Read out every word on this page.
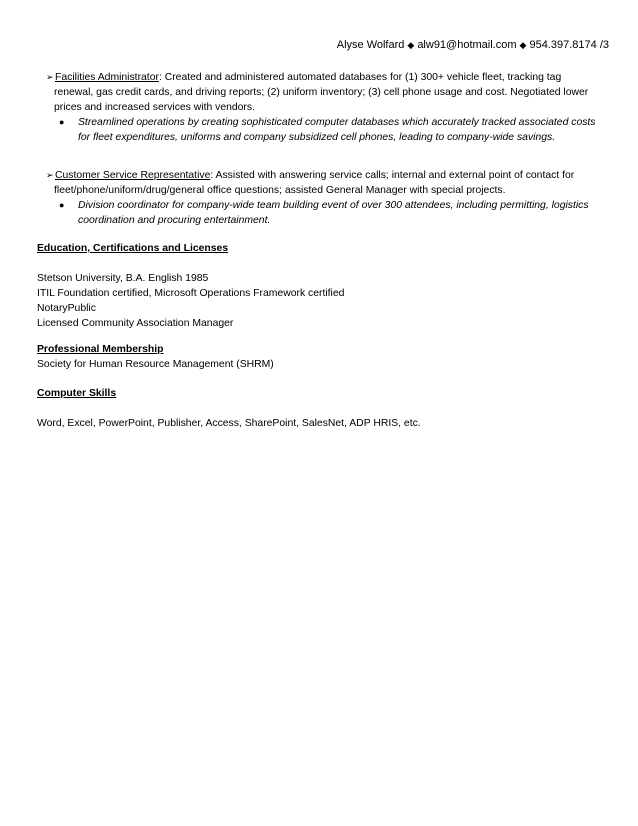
Alyse Wolfard ◆ alw91@hotmail.com ◆ 954.397.8174 /3
➢Facilities Administrator: Created and administered automated databases for (1) 300+ vehicle fleet, tracking tag
renewal, gas credit cards, and driving reports; (2) uniform inventory; (3) cell phone usage and cost. Negotiated lower
prices and increased services with vendors.
● Streamlined operations by creating sophisticated computer databases which accurately tracked associated costs
for fleet expenditures, uniforms and company subsidized cell phones, leading to company-wide savings.
➢Customer Service Representative: Assisted with answering service calls; internal and external point of contact for
fleet/phone/uniform/drug/general office questions; assisted General Manager with special projects.
● Division coordinator for company-wide team building event of over 300 attendees, including permitting, logistics
coordination and procuring entertainment.
Education, Certifications and Licenses
Stetson University, B.A. English 1985
ITIL Foundation certified, Microsoft Operations Framework certified
NotaryPublic
Licensed Community Association Manager
Professional Membership
Society for Human Resource Management (SHRM)
Computer Skills
Word, Excel, PowerPoint, Publisher, Access, SharePoint, SalesNet, ADP HRIS, etc.
